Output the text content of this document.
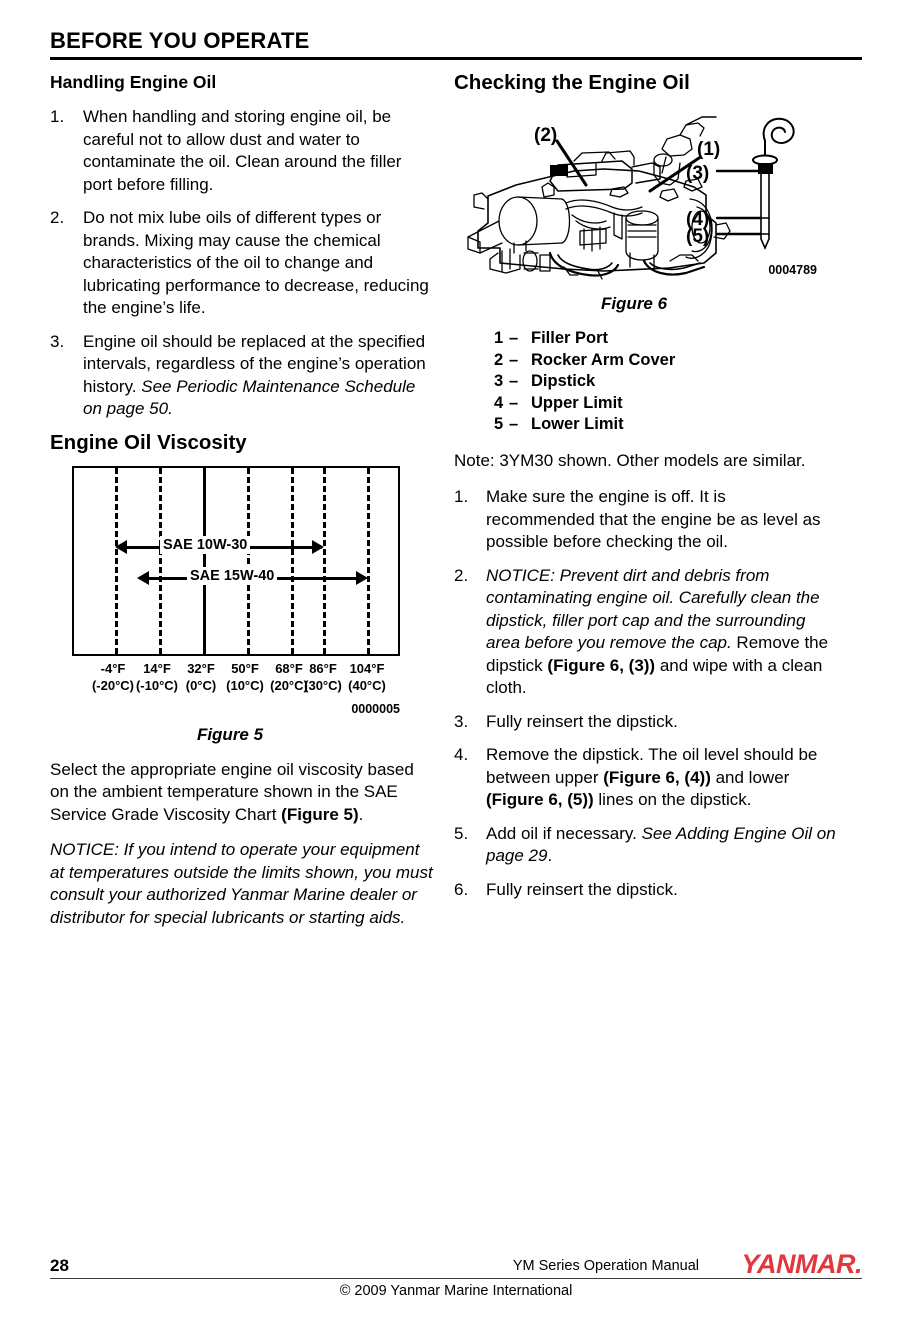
BEFORE YOU OPERATE
Handling Engine Oil
1.	When handling and storing engine oil, be careful not to allow dust and water to contaminate the oil. Clean around the filler port before filling.
2.	Do not mix lube oils of different types or brands. Mixing may cause the chemical characteristics of the oil to change and lubricating performance to decrease, reducing the engine’s life.
3.	Engine oil should be replaced at the specified intervals, regardless of the engine’s operation history. See Periodic Maintenance Schedule on page 50.
Engine Oil Viscosity
SAE 10W-30
SAE 15W-40
-4°F
(-20°C)
14°F
(-10°C)
32°F
(0°C)
50°F
(10°C)
68°F
(20°C)
86°F
(30°C)
104°F
(40°C)
0000005
Figure 5

Select the appropriate engine oil viscosity based on the ambient temperature shown in the SAE Service Grade Viscosity Chart (Figure 5).

NOTICE: If you intend to operate your equipment at temperatures outside the limits shown, you must consult your authorized Yanmar Marine dealer or distributor for special lubricants or starting aids.

Checking the Engine Oil
(2)
(1)
(3)
(4)
(5)
0004789
Figure 6
1 – Filler Port
2 – Rocker Arm Cover
3 – Dipstick
4 – Upper Limit
5 – Lower Limit

Note: 3YM30 shown. Other models are similar.

1.	Make sure the engine is off. It is recommended that the engine be as level as possible before checking the oil.
2.	NOTICE: Prevent dirt and debris from contaminating engine oil. Carefully clean the dipstick, filler port cap and the surrounding area before you remove the cap. Remove the dipstick (Figure 6, (3)) and wipe with a clean cloth.
3.	Fully reinsert the dipstick.
4.	Remove the dipstick. The oil level should be between upper (Figure 6, (4)) and lower (Figure 6, (5)) lines on the dipstick.
5.	Add oil if necessary. See Adding Engine Oil on page 29.
6.	Fully reinsert the dipstick.
28	YM Series Operation Manual YANMAR.
© 2009 Yanmar Marine International
